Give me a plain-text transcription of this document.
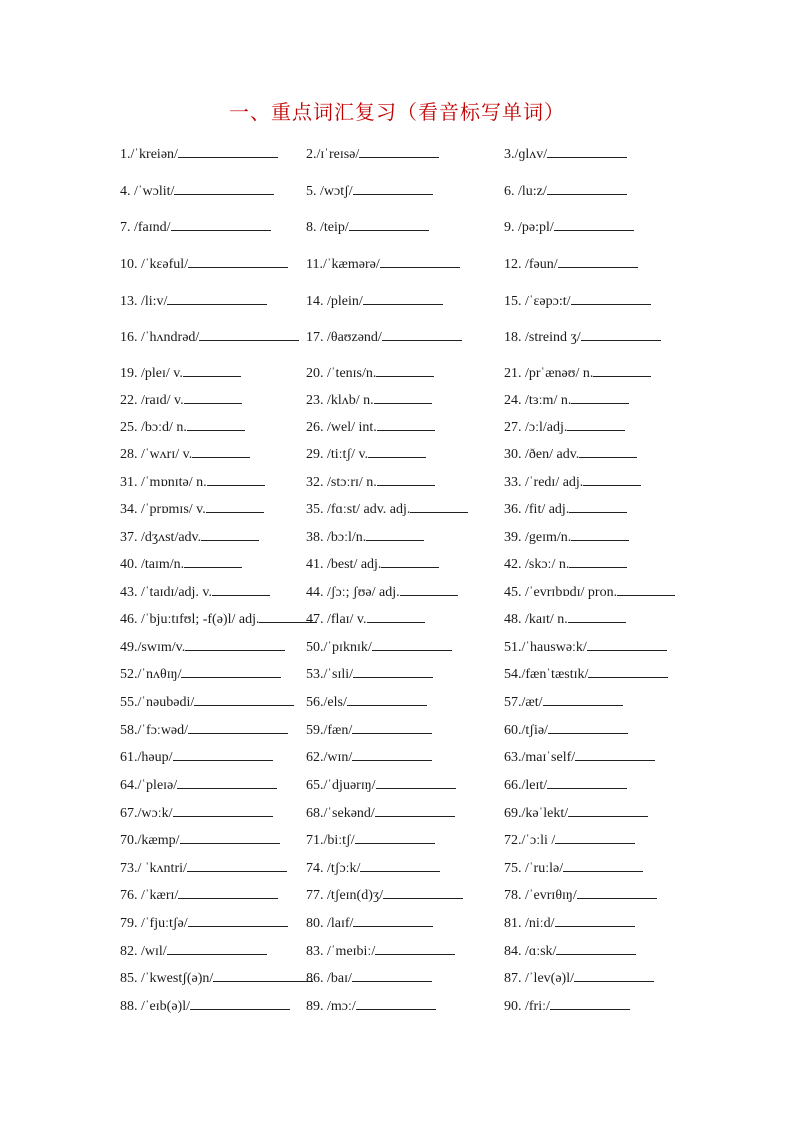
一、重点词汇复习（看音标写单词）
1./ˈkreiən/	2./ɪˈreɪsə/	3./ɡlʌv/
4. /ˈwɔlit/	5. /wɔtʃ/	6. /lu:z/
7. /faɪnd/	8. /teip/	9. /pə:pl/
10. /ˈkɛəful/	11./ˈkæmərə/	12. /fəun/
13. /li:v/	14. /plein/	15. /ˈɛəpɔ:t/
16. /ˈhʌndrəd/	17. /θaʊzənd/	18. /streind ʒ/
19. /pleɪ/ v.	20. /ˈtenɪs/n.	21. /prˈænəʊ/ n.
22. /raɪd/ v.	23. /klʌb/ n.	24. /tɜːm/ n.
25. /bɔːd/ n.	26. /wel/ int.	27. /ɔːl/adj.
28. /ˈwʌrɪ/ v.	29. /tiːtʃ/ v.	30. /ðen/ adv.
31. /ˈmɒnɪtə/ n.	32. /stɔːrɪ/ n.	33. /ˈredɪ/ adj.
34. /ˈprɒmɪs/ v.	35. /fɑːst/ adv. adj.	36. /fit/ adj.
37. /dʒʌst/adv.	38. /bɔːl/n.	39. /geɪm/n.
40. /taɪm/n.	41. /best/ adj.	42. /skɔː/ n.
43. /ˈtaɪdɪ/adj. v.	44. /ʃɔː; ʃʊə/ adj.	45. /ˈevrɪbɒdɪ/ pron.
46. /ˈbjuːtɪfʊl; -f(ə)l/ adj.	47. /flaɪ/ v.	48. /kaɪt/ n.
49./swɪm/v.	50./ˈpɪknɪk/	51./ˈhauswəːk/
52./ˈnʌθɪŋ/	53./ˈsɪli/	54./fænˈtæstɪk/
55./ˈnəubədi/	56./els/	57./æt/
58./ˈfɔːwəd/	59./fæn/	60./tʃiə/
61./həup/	62./wɪn/	63./maɪˈself/
64./ˈpleɪə/	65./ˈdjuərɪŋ/	66./leɪt/
67./wɔːk/	68./ˈsekənd/	69./kəˈlekt/
70./kæmp/	71./biːtʃ/	72./ˈɔːli /
73./ ˈkʌntri/	74. /tʃɔːk/	75. /ˈruːlə/
76. /ˈkærɪ/	77. /tʃeɪn(d)ʒ/	78. /ˈevrɪθɪŋ/
79. /ˈfjuːtʃə/	80. /laɪf/	81. /niːd/
82. /wɪl/	83. /ˈmeɪbiː/	84. /ɑːsk/
85. /ˈkwestʃ(ə)n/	86. /baɪ/	87. /ˈlev(ə)l/
88. /ˈeɪb(ə)l/	89. /mɔː/	90. /friː/
